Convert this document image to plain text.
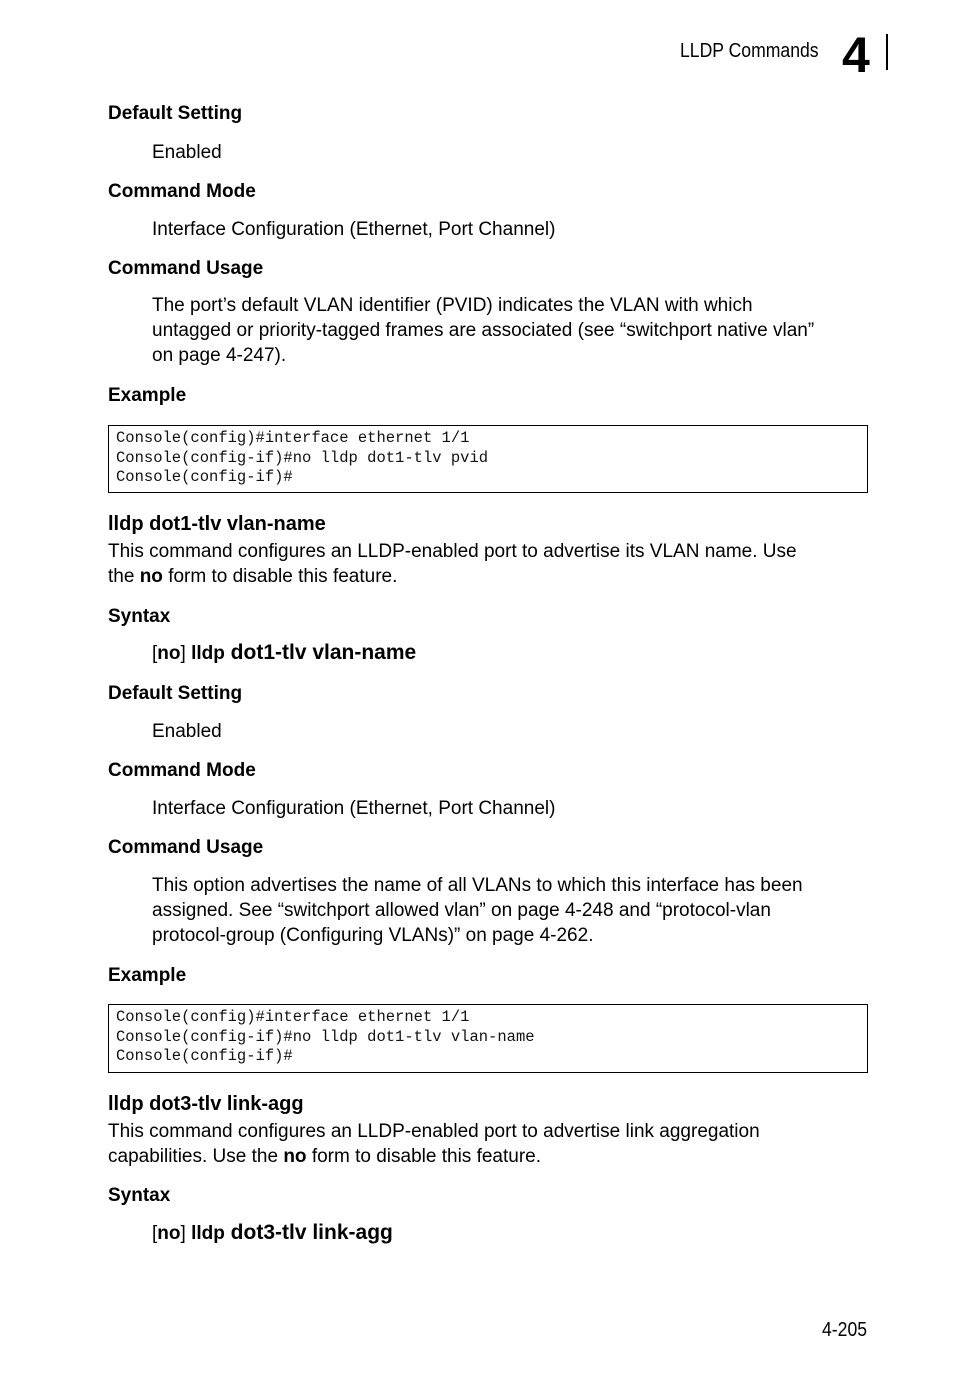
LLDP Commands 4
Default Setting
Enabled
Command Mode
Interface Configuration (Ethernet, Port Channel)
Command Usage
The port’s default VLAN identifier (PVID) indicates the VLAN with which
untagged or priority-tagged frames are associated (see “switchport native vlan”
on page 4-247).
Example
Console(config)#interface ethernet 1/1
Console(config-if)#no lldp dot1-tlv pvid
Console(config-if)#
lldp dot1-tlv vlan-name
This command configures an LLDP-enabled port to advertise its VLAN name. Use
the no form to disable this feature.
Syntax
[no] lldp dot1-tlv vlan-name
Default Setting
Enabled
Command Mode
Interface Configuration (Ethernet, Port Channel)
Command Usage
This option advertises the name of all VLANs to which this interface has been
assigned. See “switchport allowed vlan” on page 4-248 and “protocol-vlan
protocol-group (Configuring VLANs)” on page 4-262.
Example
Console(config)#interface ethernet 1/1
Console(config-if)#no lldp dot1-tlv vlan-name
Console(config-if)#
lldp dot3-tlv link-agg
This command configures an LLDP-enabled port to advertise link aggregation
capabilities. Use the no form to disable this feature.
Syntax
[no] lldp dot3-tlv link-agg
4-205
